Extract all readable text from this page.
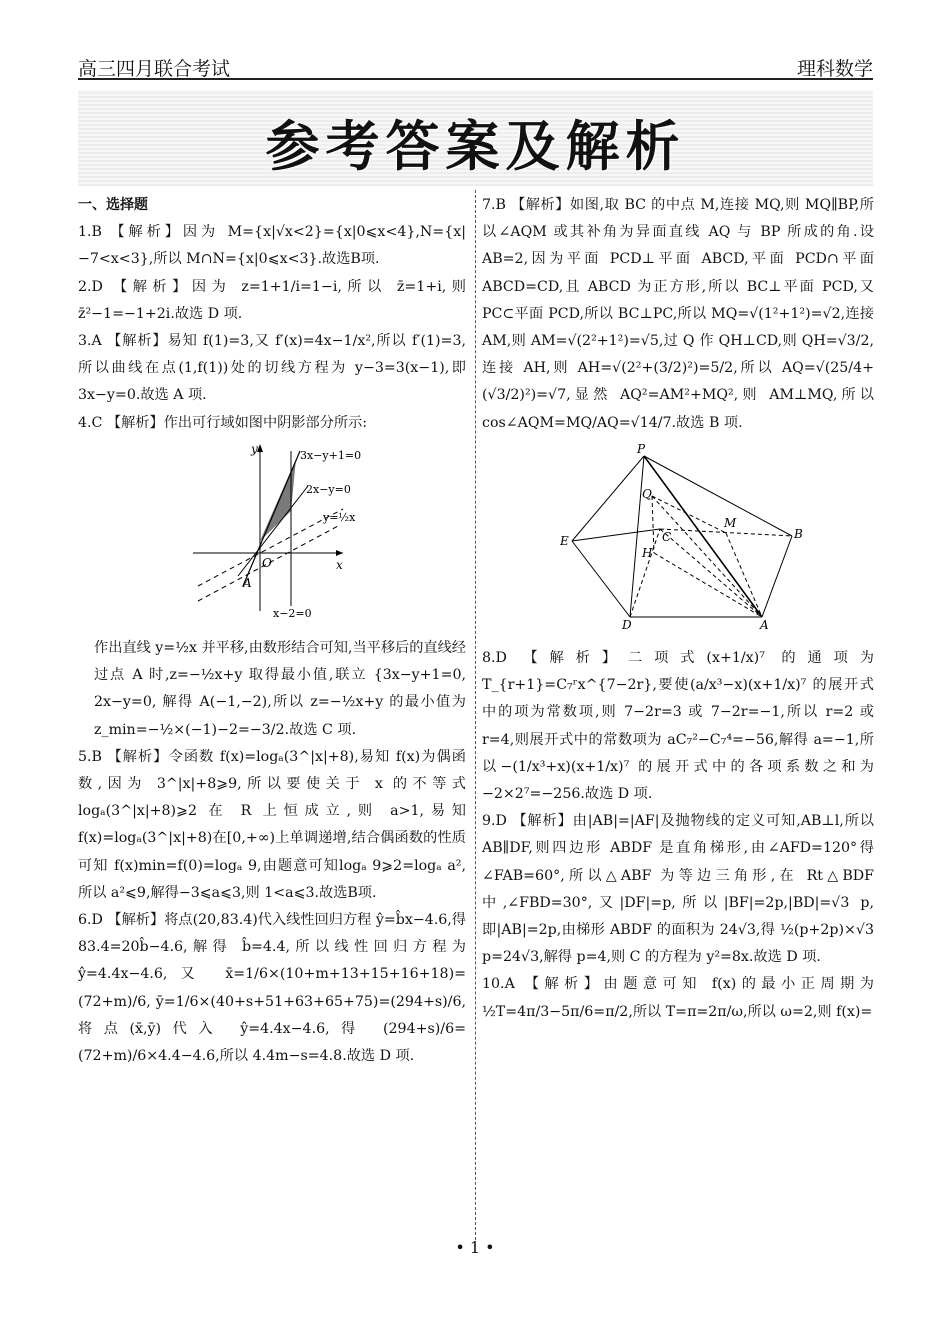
高三四月联合考试	理科数学
参考答案及解析

一、选择题

1.B 【解析】因为 M={x|√x<2}={x|0⩽x<4},N={x|−7<x<3},所以 M∩N={x|0⩽x<3}.故选B项.

2.D 【解析】因为 z=1+1/i=1−i,所以 z̄=1+i,则z̄²−1=−1+2i.故选 D 项.

3.A 【解析】易知 f(1)=3,又 f′(x)=4x−1/x²,所以 f′(1)=3,所以曲线在点(1,f(1))处的切线方程为 y−3=3(x−1),即 3x−y=0.故选 A 项.

4.C 【解析】作出可行域如图中阴影部分所示:

y
x
O
A
3x−y+1=0
2x−y=0
y=½x
x−2=0

作出直线 y=½x 并平移,由数形结合可知,当平移后的直线经过点 A 时,z=−½x+y 取得最小值,联立 {3x−y+1=0, 2x−y=0, 解得 A(−1,−2),所以 z=−½x+y 的最小值为 z_min=−½×(−1)−2=−3/2.故选 C 项.

5.B 【解析】令函数 f(x)=logₐ(3^|x|+8),易知 f(x)为偶函数,因为 3^|x|+8⩾9,所以要使关于 x 的不等式 logₐ(3^|x|+8)⩾2 在 R 上恒成立,则 a>1,易知 f(x)=logₐ(3^|x|+8)在[0,+∞)上单调递增,结合偶函数的性质可知 f(x)min=f(0)=logₐ 9,由题意可知logₐ 9⩾2=logₐ a²,所以 a²⩽9,解得−3⩽a⩽3,则 1<a⩽3.故选B项.

6.D 【解析】将点(20,83.4)代入线性回归方程 ŷ=b̂x−4.6,得 83.4=20b̂−4.6,解得 b̂=4.4,所以线性回归方程为 ŷ=4.4x−4.6,又 x̄=1/6×(10+m+13+15+16+18)=(72+m)/6, ȳ=1/6×(40+s+51+63+65+75)=(294+s)/6,将点(x̄,ȳ)代入 ŷ=4.4x−4.6,得 (294+s)/6=(72+m)/6×4.4−4.6,所以 4.4m−s=4.8.故选 D 项.

7.B 【解析】如图,取 BC 的中点 M,连接 MQ,则 MQ∥BP,所以∠AQM 或其补角为异面直线 AQ 与 BP 所成的角.设 AB=2,因为平面 PCD⊥平面 ABCD,平面 PCD∩平面 ABCD=CD,且 ABCD 为正方形,所以 BC⊥平面 PCD,又 PC⊂平面 PCD,所以 BC⊥PC,所以 MQ=√(1²+1²)=√2,连接 AM,则 AM=√(2²+1²)=√5,过 Q 作 QH⊥CD,则 QH=√3/2,连接 AH,则 AH=√(2²+(3/2)²)=5/2,所以 AQ=√(25/4+(√3/2)²)=√7,显然 AQ²=AM²+MQ²,则 AM⊥MQ,所以 cos∠AQM=MQ/AQ=√14/7.故选 B 项.

P
Q
M
B
C
H
E
D	A

8.D 【解析】二项式(x+1/x)⁷ 的通项为 T_{r+1}=C₇ʳx^{7−2r},要使(a/x³−x)(x+1/x)⁷ 的展开式中的项为常数项,则 7−2r=3 或 7−2r=−1,所以 r=2 或 r=4,则展开式中的常数项为 aC₇²−C₇⁴=−56,解得 a=−1,所以−(1/x³+x)(x+1/x)⁷ 的展开式中的各项系数之和为−2×2⁷=−256.故选 D 项.

9.D 【解析】由|AB|=|AF|及抛物线的定义可知,AB⊥l,所以 AB∥DF,则四边形 ABDF 是直角梯形,由∠AFD=120°得∠FAB=60°,所以△ABF 为等边三角形,在 Rt△BDF 中,∠FBD=30°,又|DF|=p,所以|BF|=2p,|BD|=√3 p,即|AB|=2p,由梯形 ABDF 的面积为 24√3,得 ½(p+2p)×√3 p=24√3,解得 p=4,则 C 的方程为 y²=8x.故选 D 项.

10.A 【解析】由题意可知 f(x)的最小正周期为 ½T=4π/3−5π/6=π/2,所以 T=π=2π/ω,所以 ω=2,则 f(x)=

• 1 •
